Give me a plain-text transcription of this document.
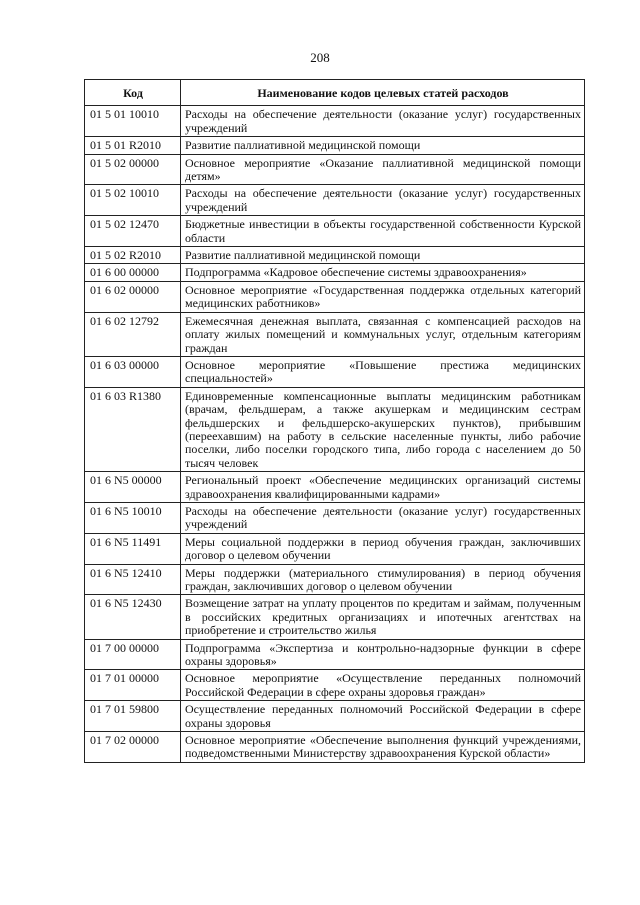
208
Код	Наименование кодов целевых статей расходов
01 5 01 10010	Расходы на обеспечение деятельности (оказание услуг) государственных учреждений
01 5 01 R2010	Развитие паллиативной медицинской помощи
01 5 02 00000	Основное мероприятие «Оказание паллиативной медицинской помощи детям»
01 5 02 10010	Расходы на обеспечение деятельности (оказание услуг) государственных учреждений
01 5 02 12470	Бюджетные инвестиции в объекты государственной собственности Курской области
01 5 02 R2010	Развитие паллиативной медицинской помощи
01 6 00 00000	Подпрограмма «Кадровое обеспечение системы здравоохранения»
01 6 02 00000	Основное мероприятие «Государственная поддержка отдельных категорий медицинских работников»
01 6 02 12792	Ежемесячная денежная выплата, связанная с компенсацией расходов на оплату жилых помещений и коммунальных услуг, отдельным категориям граждан
01 6 03 00000	Основное мероприятие «Повышение престижа медицинских специальностей»
01 6 03 R1380	Единовременные компенсационные выплаты медицинским работникам (врачам, фельдшерам, а также акушеркам и медицинским сестрам фельдшерских и фельдшерско-акушерских пунктов), прибывшим (переехавшим) на работу в сельские населенные пункты, либо рабочие поселки, либо поселки городского типа, либо города с населением до 50 тысяч человек
01 6 N5 00000	Региональный проект «Обеспечение медицинских организаций системы здравоохранения квалифицированными кадрами»
01 6 N5 10010	Расходы на обеспечение деятельности (оказание услуг) государственных учреждений
01 6 N5 11491	Меры социальной поддержки в период обучения граждан, заключивших договор о целевом обучении
01 6 N5 12410	Меры поддержки (материального стимулирования) в период обучения граждан, заключивших договор о целевом обучении
01 6 N5 12430	Возмещение затрат на уплату процентов по кредитам и займам, полученным в российских кредитных организациях и ипотечных агентствах на приобретение и строительство жилья
01 7 00 00000	Подпрограмма «Экспертиза и контрольно-надзорные функции в сфере охраны здоровья»
01 7 01 00000	Основное мероприятие «Осуществление переданных полномочий Российской Федерации в сфере охраны здоровья граждан»
01 7 01 59800	Осуществление переданных полномочий Российской Федерации в сфере охраны здоровья
01 7 02 00000	Основное мероприятие «Обеспечение выполнения функций учреждениями, подведомственными Министерству здравоохранения Курской области»
